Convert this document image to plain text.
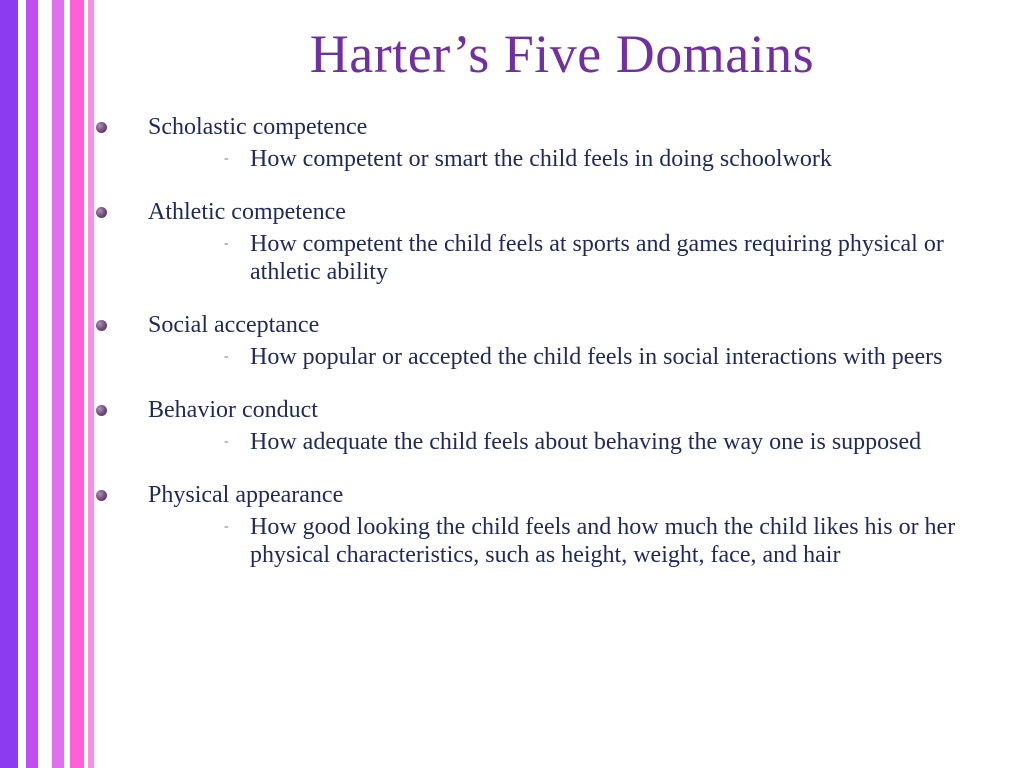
Harter’s Five Domains
Scholastic competence
- How competent or smart the child feels in doing schoolwork
Athletic competence
- How competent the child feels at sports and games requiring physical or athletic ability
Social acceptance
- How popular or accepted the child feels in social interactions with peers
Behavior conduct
- How adequate the child feels about behaving the way one is supposed
Physical appearance
- How good looking the child feels and how much the child likes his or her physical characteristics, such as height, weight, face, and hair
